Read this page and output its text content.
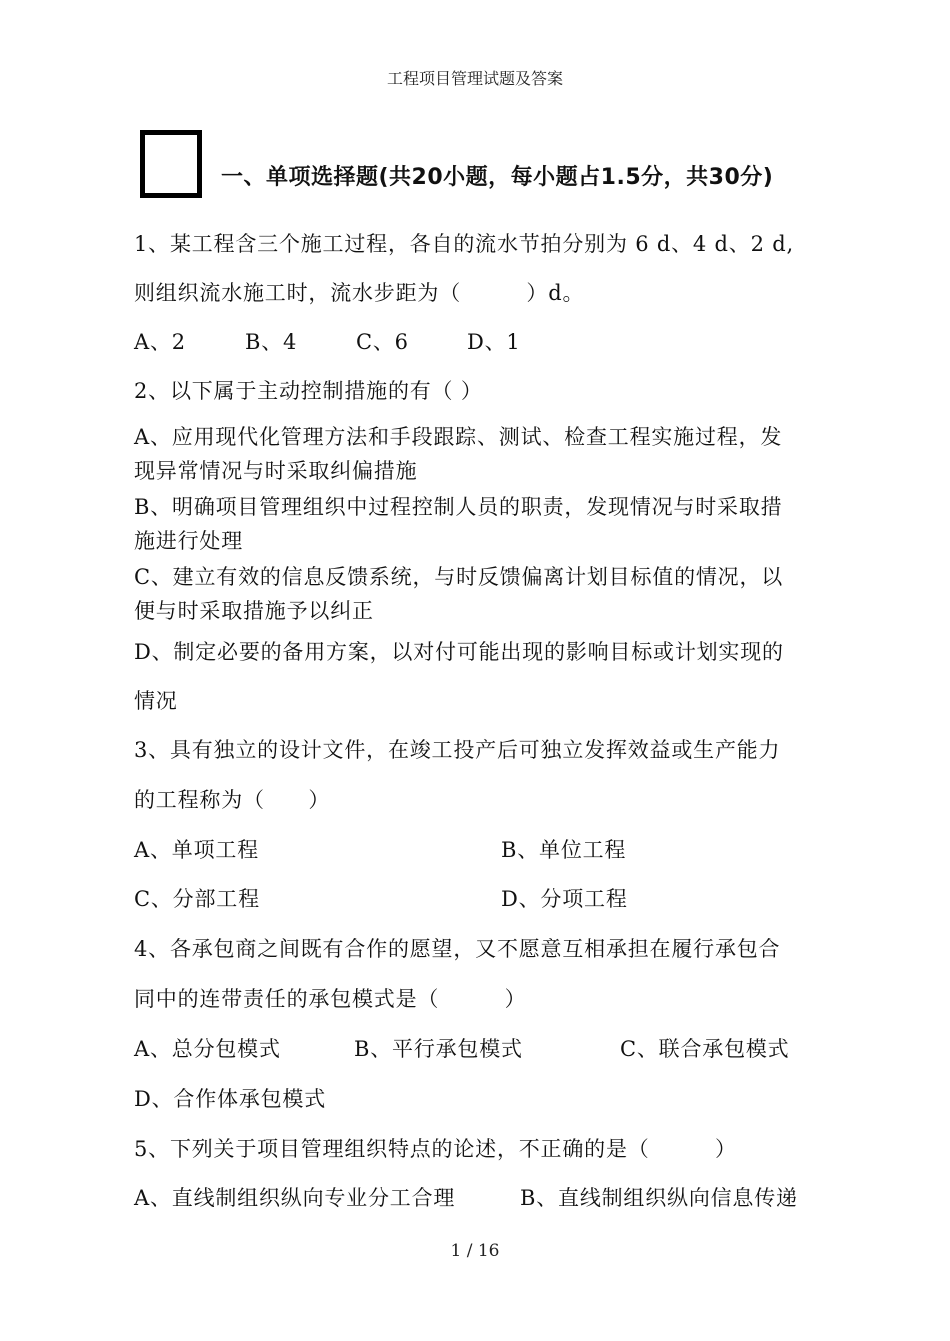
工程项目管理试题及答案
一、单项选择题(共20小题，每小题占1.5分，共30分)
1、某工程含三个施工过程，各自的流水节拍分别为 6 d、4 d、2 d,
则组织流水施工时，流水步距为（　　　）d。
A、2	B、4	C、6	D、1
2、以下属于主动控制措施的有（ ）
A、应用现代化管理方法和手段跟踪、测试、检查工程实施过程，发
现异常情况与时采取纠偏措施
B、明确项目管理组织中过程控制人员的职责，发现情况与时采取措
施进行处理
C、建立有效的信息反馈系统，与时反馈偏离计划目标值的情况，以
便与时采取措施予以纠正
D、制定必要的备用方案，以对付可能出现的影响目标或计划实现的
情况
3、具有独立的设计文件，在竣工投产后可独立发挥效益或生产能力
的工程称为（　　）
A、单项工程	B、单位工程
C、分部工程	D、分项工程
4、各承包商之间既有合作的愿望，又不愿意互相承担在履行承包合
同中的连带责任的承包模式是（　　　）
A、总分包模式	B、平行承包模式	C、联合承包模式
D、合作体承包模式
5、下列关于项目管理组织特点的论述，不正确的是（　　　）
A、直线制组织纵向专业分工合理	B、直线制组织纵向信息传递
1 / 16
